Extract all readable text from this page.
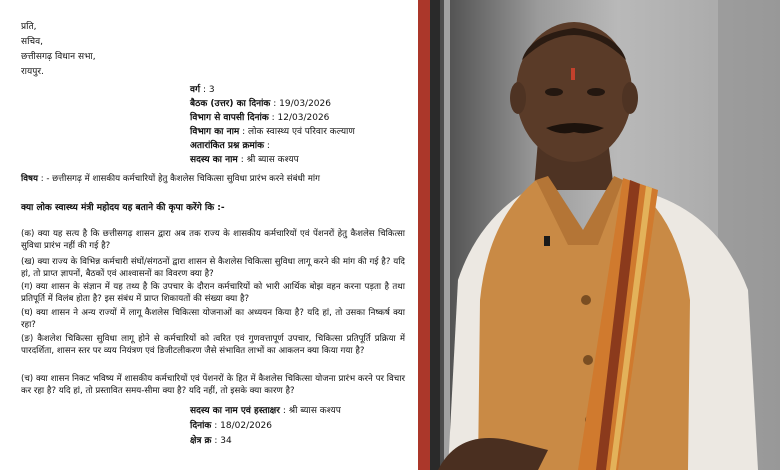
प्रति,
सचिव,
छत्तीसगढ़ विधान सभा,
रायपुर.
वर्ग : 3
बैठक (उत्तर) का दिनांक : 19/03/2026
विभाग से वापसी दिनांक : 12/03/2026
विभाग का नाम : लोक स्वास्थ्य एवं परिवार कल्याण
अतारांकित प्रश्न क्रमांक :
सदस्य का नाम : श्री ब्यास कश्यप
विषय : - छत्तीसगढ़ में शासकीय कर्मचारियों हेतु कैशलेस चिकित्सा सुविधा प्रारंभ करने संबंधी मांग
क्या लोक स्वास्थ्य मंत्री महोदय यह बताने की कृपा करेंगे कि :-
(क) क्या यह सत्य है कि छत्तीसगढ़ शासन द्वारा अब तक राज्य के शासकीय कर्मचारियों एवं पेंशनरों हेतु कैशलेस चिकित्सा सुविधा प्रारंभ नहीं की गई है?
(ख) क्या राज्य के विभिन्न कर्मचारी संघों/संगठनों द्वारा शासन से कैशलेस चिकित्सा सुविधा लागू करने की मांग की गई है? यदि हां, तो प्राप्त ज्ञापनों, बैठकों एवं आश्वासनों का विवरण क्या है?
(ग) क्या शासन के संज्ञान में यह तथ्य है कि उपचार के दौरान कर्मचारियों को भारी आर्थिक बोझ वहन करना पड़ता है तथा प्रतिपूर्ति में विलंब होता है? इस संबंध में प्राप्त शिकायतों की संख्या क्या है?
(घ) क्या शासन ने अन्य राज्यों में लागू कैशलेस चिकित्सा योजनाओं का अध्ययन किया है? यदि हां, तो उसका निष्कर्ष क्या रहा?
(ङ) कैशलेश चिकित्सा सुविधा लागू होने से कर्मचारियों को त्वरित एवं गुणवत्तापूर्ण उपचार, चिकित्सा प्रतिपूर्ति प्रक्रिया में पारदर्शिता, शासन स्तर पर व्यय नियंत्रण एवं डिजीटलीकरण जैसे संभावित लाभों का आकलन क्या किया गया है?
(च) क्या शासन निकट भविष्य में शासकीय कर्मचारियों एवं पेंशनरों के हित में कैशलेस चिकित्सा योजना प्रारंभ करने पर विचार कर रहा है? यदि हां, तो प्रस्तावित समय-सीमा क्या है? यदि नहीं, तो इसके क्या कारण है?
सदस्य का नाम एवं हस्ताक्षर : श्री ब्यास कश्यप
दिनांक : 18/02/2026
क्षेत्र क्र : 34
